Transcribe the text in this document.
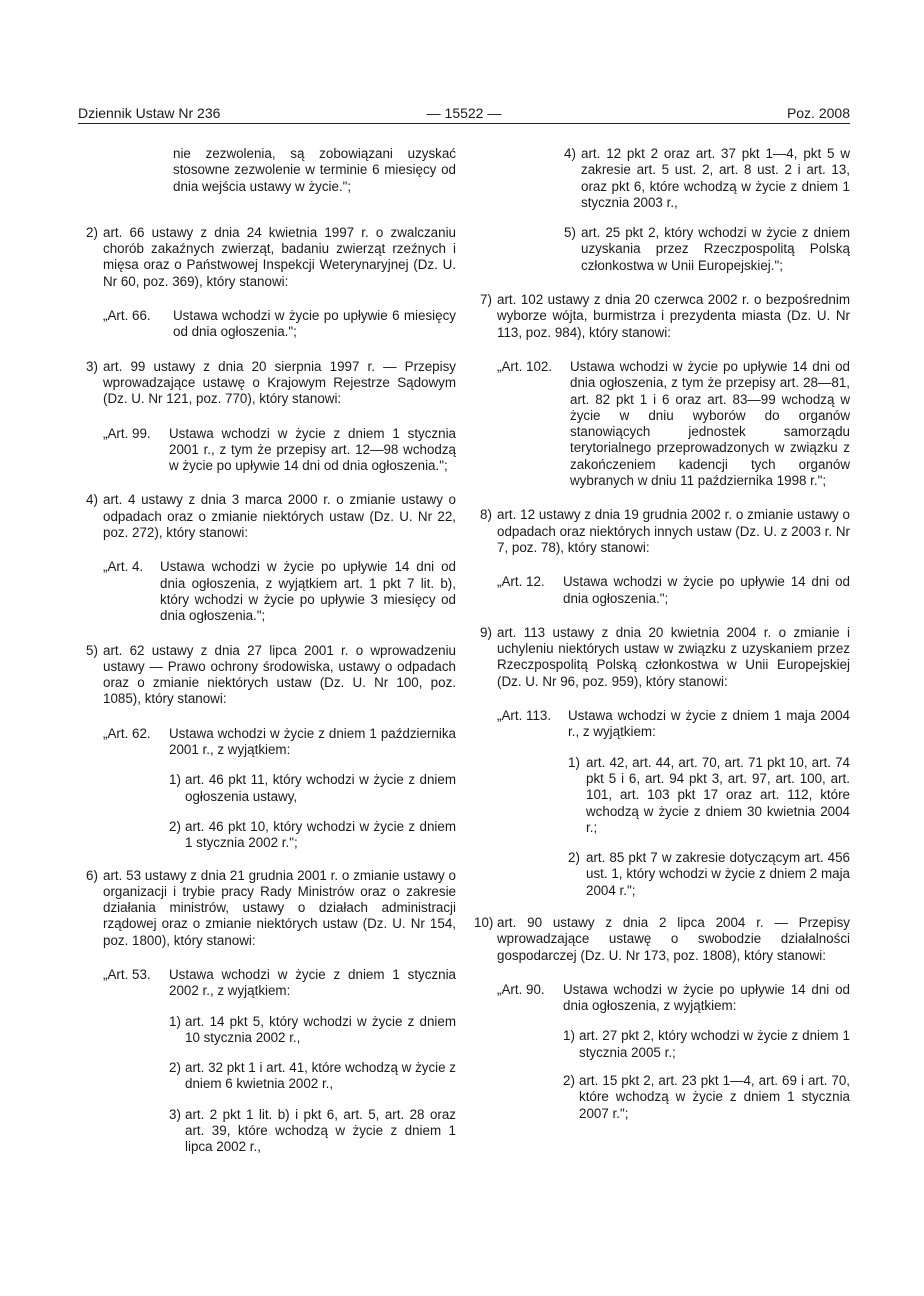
Dziennik Ustaw Nr 236	— 15522 —	Poz. 2008

nie zezwolenia, są zobowiązani uzyskać stosowne zezwolenie w terminie 6 miesięcy od dnia wejścia ustawy w życie.";

2) art. 66 ustawy z dnia 24 kwietnia 1997 r. o zwalczaniu chorób zakaźnych zwierząt, badaniu zwierząt rzeźnych i mięsa oraz o Państwowej Inspekcji Weterynaryjnej (Dz. U. Nr 60, poz. 369), który stanowi:

„Art. 66. Ustawa wchodzi w życie po upływie 6 miesięcy od dnia ogłoszenia.";

3) art. 99 ustawy z dnia 20 sierpnia 1997 r. — Przepisy wprowadzające ustawę o Krajowym Rejestrze Sądowym (Dz. U. Nr 121, poz. 770), który stanowi:

„Art. 99. Ustawa wchodzi w życie z dniem 1 stycznia 2001 r., z tym że przepisy art. 12—98 wchodzą w życie po upływie 14 dni od dnia ogłoszenia.";

4) art. 4 ustawy z dnia 3 marca 2000 r. o zmianie ustawy o odpadach oraz o zmianie niektórych ustaw (Dz. U. Nr 22, poz. 272), który stanowi:

„Art. 4. Ustawa wchodzi w życie po upływie 14 dni od dnia ogłoszenia, z wyjątkiem art. 1 pkt 7 lit. b), który wchodzi w życie po upływie 3 miesięcy od dnia ogłoszenia.";

5) art. 62 ustawy z dnia 27 lipca 2001 r. o wprowadzeniu ustawy — Prawo ochrony środowiska, ustawy o odpadach oraz o zmianie niektórych ustaw (Dz. U. Nr 100, poz. 1085), który stanowi:

„Art. 62. Ustawa wchodzi w życie z dniem 1 października 2001 r., z wyjątkiem:

1) art. 46 pkt 11, który wchodzi w życie z dniem ogłoszenia ustawy,
2) art. 46 pkt 10, który wchodzi w życie z dniem 1 stycznia 2002 r.";
6) art. 53 ustawy z dnia 21 grudnia 2001 r. o zmianie ustawy o organizacji i trybie pracy Rady Ministrów oraz o zakresie działania ministrów, ustawy o działach administracji rządowej oraz o zmianie niektórych ustaw (Dz. U. Nr 154, poz. 1800), który stanowi:

„Art. 53. Ustawa wchodzi w życie z dniem 1 stycznia 2002 r., z wyjątkiem:

1) art. 14 pkt 5, który wchodzi w życie z dniem 10 stycznia 2002 r.,
2) art. 32 pkt 1 i art. 41, które wchodzą w życie z dniem 6 kwietnia 2002 r.,
3) art. 2 pkt 1 lit. b) i pkt 6, art. 5, art. 28 oraz art. 39, które wchodzą w życie z dniem 1 lipca 2002 r.,
4) art. 12 pkt 2 oraz art. 37 pkt 1—4, pkt 5 w zakresie art. 5 ust. 2, art. 8 ust. 2 i art. 13, oraz pkt 6, które wchodzą w życie z dniem 1 stycznia 2003 r.,
5) art. 25 pkt 2, który wchodzi w życie z dniem uzyskania przez Rzeczpospolitą Polską członkostwa w Unii Europejskiej.";
7) art. 102 ustawy z dnia 20 czerwca 2002 r. o bezpośrednim wyborze wójta, burmistrza i prezydenta miasta (Dz. U. Nr 113, poz. 984), który stanowi:

„Art. 102. Ustawa wchodzi w życie po upływie 14 dni od dnia ogłoszenia, z tym że przepisy art. 28—81, art. 82 pkt 1 i 6 oraz art. 83—99 wchodzą w życie w dniu wyborów do organów stanowiących jednostek samorządu terytorialnego przeprowadzonych w związku z zakończeniem kadencji tych organów wybranych w dniu 11 października 1998 r.";

8) art. 12 ustawy z dnia 19 grudnia 2002 r. o zmianie ustawy o odpadach oraz niektórych innych ustaw (Dz. U. z 2003 r. Nr 7, poz. 78), który stanowi:

„Art. 12. Ustawa wchodzi w życie po upływie 14 dni od dnia ogłoszenia.";

9) art. 113 ustawy z dnia 20 kwietnia 2004 r. o zmianie i uchyleniu niektórych ustaw w związku z uzyskaniem przez Rzeczpospolitą Polską członkostwa w Unii Europejskiej (Dz. U. Nr 96, poz. 959), który stanowi:

„Art. 113. Ustawa wchodzi w życie z dniem 1 maja 2004 r., z wyjątkiem:

1) art. 42, art. 44, art. 70, art. 71 pkt 10, art. 74 pkt 5 i 6, art. 94 pkt 3, art. 97, art. 100, art. 101, art. 103 pkt 17 oraz art. 112, które wchodzą w życie z dniem 30 kwietnia 2004 r.;
2) art. 85 pkt 7 w zakresie dotyczącym art. 456 ust. 1, który wchodzi w życie z dniem 2 maja 2004 r.";
10) art. 90 ustawy z dnia 2 lipca 2004 r. — Przepisy wprowadzające ustawę o swobodzie działalności gospodarczej (Dz. U. Nr 173, poz. 1808), który stanowi:

„Art. 90. Ustawa wchodzi w życie po upływie 14 dni od dnia ogłoszenia, z wyjątkiem:

1) art. 27 pkt 2, który wchodzi w życie z dniem 1 stycznia 2005 r.;
2) art. 15 pkt 2, art. 23 pkt 1—4, art. 69 i art. 70, które wchodzą w życie z dniem 1 stycznia 2007 r.";
